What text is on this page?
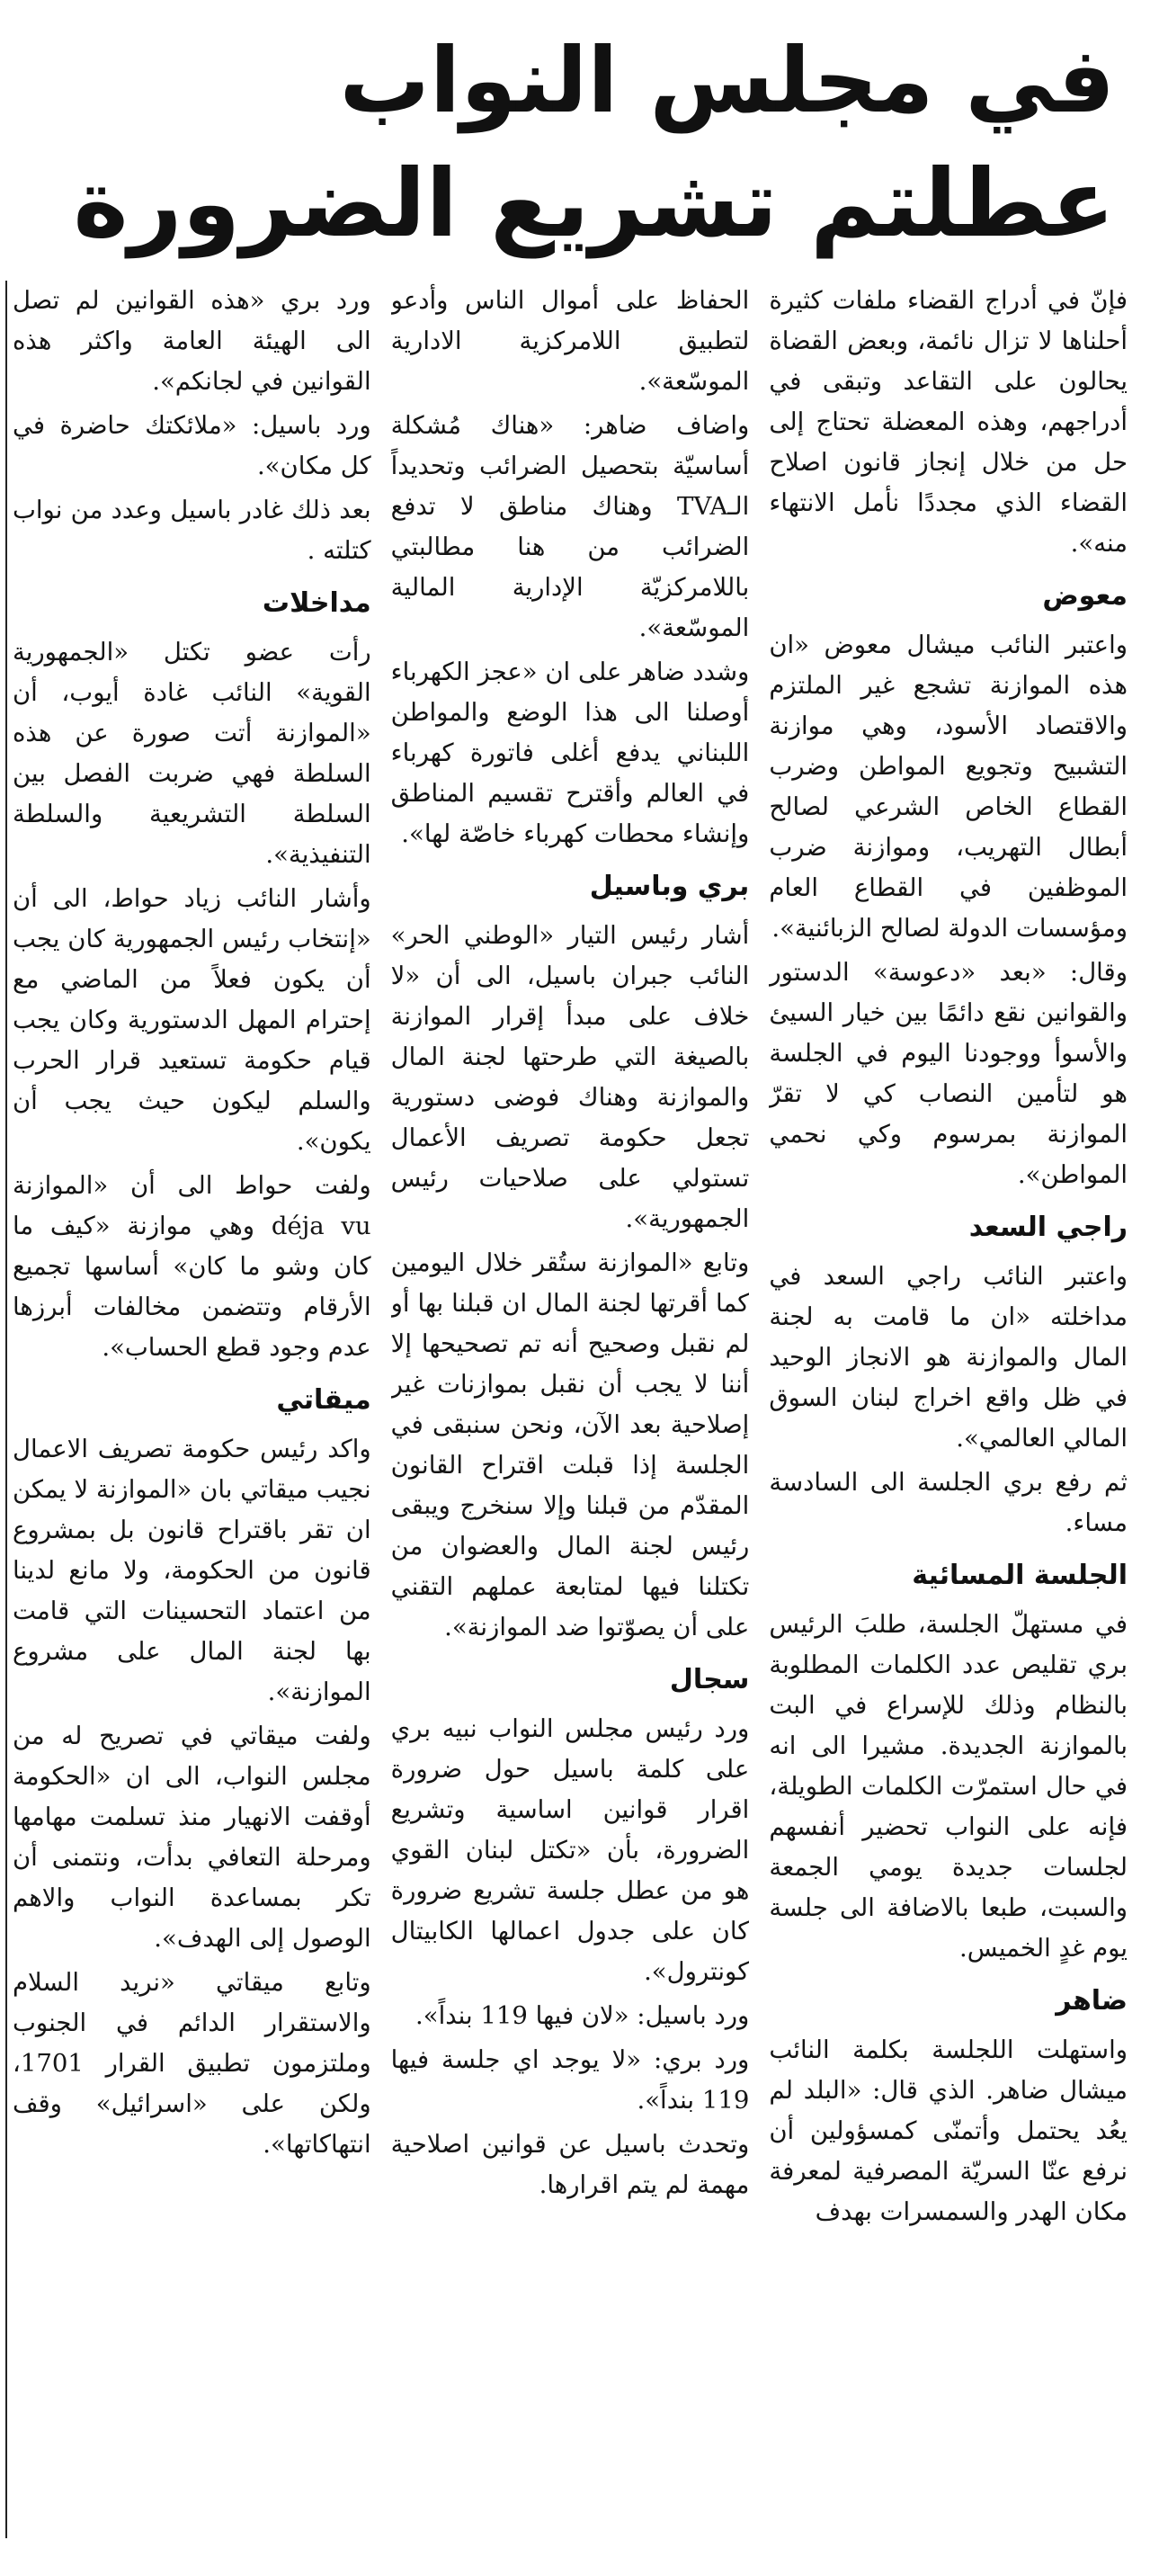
في مجلس النواب
عطلتم تشريع الضرورة

فإنّ في أدراج القضاء ملفات كثيرة أحلناها لا تزال نائمة، وبعض القضاة يحالون على التقاعد وتبقى في أدراجهم، وهذه المعضلة تحتاج إلى حل من خلال إنجاز قانون اصلاح القضاء الذي مجددًا نأمل الانتهاء منه».

معوض

واعتبر النائب ميشال معوض «ان هذه الموازنة تشجع غير الملتزم والاقتصاد الأسود، وهي موازنة التشبيح وتجويع المواطن وضرب القطاع الخاص الشرعي لصالح أبطال التهريب، وموازنة ضرب الموظفين في القطاع العام ومؤسسات الدولة لصالح الزبائنية».

وقال: «بعد «دعوسة» الدستور والقوانين نقع دائمًا بين خيار السيئ والأسوأ ووجودنا اليوم في الجلسة هو لتأمين النصاب كي لا تقرّ الموازنة بمرسوم وكي نحمي المواطن».

راجي السعد

واعتبر النائب راجي السعد في مداخلته «ان ما قامت به لجنة المال والموازنة هو الانجاز الوحيد في ظل واقع اخراج لبنان السوق المالي العالمي».

ثم رفع بري الجلسة الى السادسة مساء.

الجلسة المسائية

في مستهلّ الجلسة، طلبَ الرئيس بري تقليص عدد الكلمات المطلوبة بالنظام وذلك للإسراع في البت بالموازنة الجديدة. مشيرا الى انه في حال استمرّت الكلمات الطويلة، فإنه على النواب تحضير أنفسهم لجلسات جديدة يومي الجمعة والسبت، طبعا بالاضافة الى جلسة يوم غدٍ الخميس.

ضاهر

واستهلت اللجلسة بكلمة النائب ميشال ضاهر. الذي قال: «البلد لم يعُد يحتمل وأتمنّى كمسؤولين أن نرفع عنّا السريّة المصرفية لمعرفة مكان الهدر والسمسرات بهدف

الحفاظ على أموال الناس وأدعو لتطبيق اللامركزية الادارية الموسّعة».

واضاف ضاهر: «هناك مُشكلة أساسيّة بتحصيل الضرائب وتحديداً الـTVA وهناك مناطق لا تدفع الضرائب من هنا مطالبتي باللامركزيّة الإدارية المالية الموسّعة».

وشدد ضاهر على ان «عجز الكهرباء أوصلنا الى هذا الوضع والمواطن اللبناني يدفع أغلى فاتورة كهرباء في العالم وأقترح تقسيم المناطق وإنشاء محطات كهرباء خاصّة لها».

بري وباسيل

أشار رئيس التيار «الوطني الحر» النائب جبران باسيل، الى أن «لا خلاف على مبدأ إقرار الموازنة بالصيغة التي طرحتها لجنة المال والموازنة وهناك فوضى دستورية تجعل حكومة تصريف الأعمال تستولي على صلاحيات رئيس الجمهورية».

وتابع «الموازنة ستُقر خلال اليومين كما أقرتها لجنة المال ان قبلنا بها أو لم نقبل وصحيح أنه تم تصحيحها إلا أننا لا يجب أن نقبل بموازنات غير إصلاحية بعد الآن، ونحن سنبقى في الجلسة إذا قبلت اقتراح القانون المقدّم من قبلنا وإلا سنخرج ويبقى رئيس لجنة المال والعضوان من تكتلنا فيها لمتابعة عملهم التقني على أن يصوّتوا ضد الموازنة».

سجال

ورد رئيس مجلس النواب نبيه بري على كلمة باسيل حول ضرورة اقرار قوانين اساسية وتشريع الضرورة، بأن «تكتل لبنان القوي هو من عطل جلسة تشريع ضرورة كان على جدول اعمالها الكابيتال كونترول».

ورد باسيل: «لان فيها 119 بنداً».

ورد بري: «لا يوجد اي جلسة فيها 119 بنداً».

وتحدث باسيل عن قوانين اصلاحية مهمة لم يتم اقرارها.

ورد بري «هذه القوانين لم تصل الى الهيئة العامة واكثر هذه القوانين في لجانكم».

ورد باسيل: «ملائكتك حاضرة في كل مكان».

بعد ذلك غادر باسيل وعدد من نواب كتلته .

مداخلات

رأت عضو تكتل «الجمهورية القوية» النائب غادة أيوب، أن «الموازنة أتت صورة عن هذه السلطة فهي ضربت الفصل بين السلطة التشريعية والسلطة التنفيذية».

وأشار النائب زياد حواط، الى أن «إنتخاب رئيس الجمهورية كان يجب أن يكون فعلاً من الماضي مع إحترام المهل الدستورية وكان يجب قيام حكومة تستعيد قرار الحرب والسلم ليكون حيث يجب أن يكون».

ولفت حواط الى أن «الموازنة déja vu وهي موازنة «كيف ما كان وشو ما كان» أساسها تجميع الأرقام وتتضمن مخالفات أبرزها عدم وجود قطع الحساب».

ميقاتي

واكد رئيس حكومة تصريف الاعمال نجيب ميقاتي بان «الموازنة لا يمكن ان تقر باقتراح قانون بل بمشروع قانون من الحكومة، ولا مانع لدينا من اعتماد التحسينات التي قامت بها لجنة المال على مشروع الموازنة».

ولفت ميقاتي في تصريح له من مجلس النواب، الى ان «الحكومة أوقفت الانهيار منذ تسلمت مهامها ومرحلة التعافي بدأت، ونتمنى أن تكر بمساعدة النواب والاهم الوصول إلى الهدف».

وتابع ميقاتي «نريد السلام والاستقرار الدائم في الجنوب وملتزمون تطبيق القرار 1701، ولكن على «اسرائيل» وقف انتهاكاتها».
